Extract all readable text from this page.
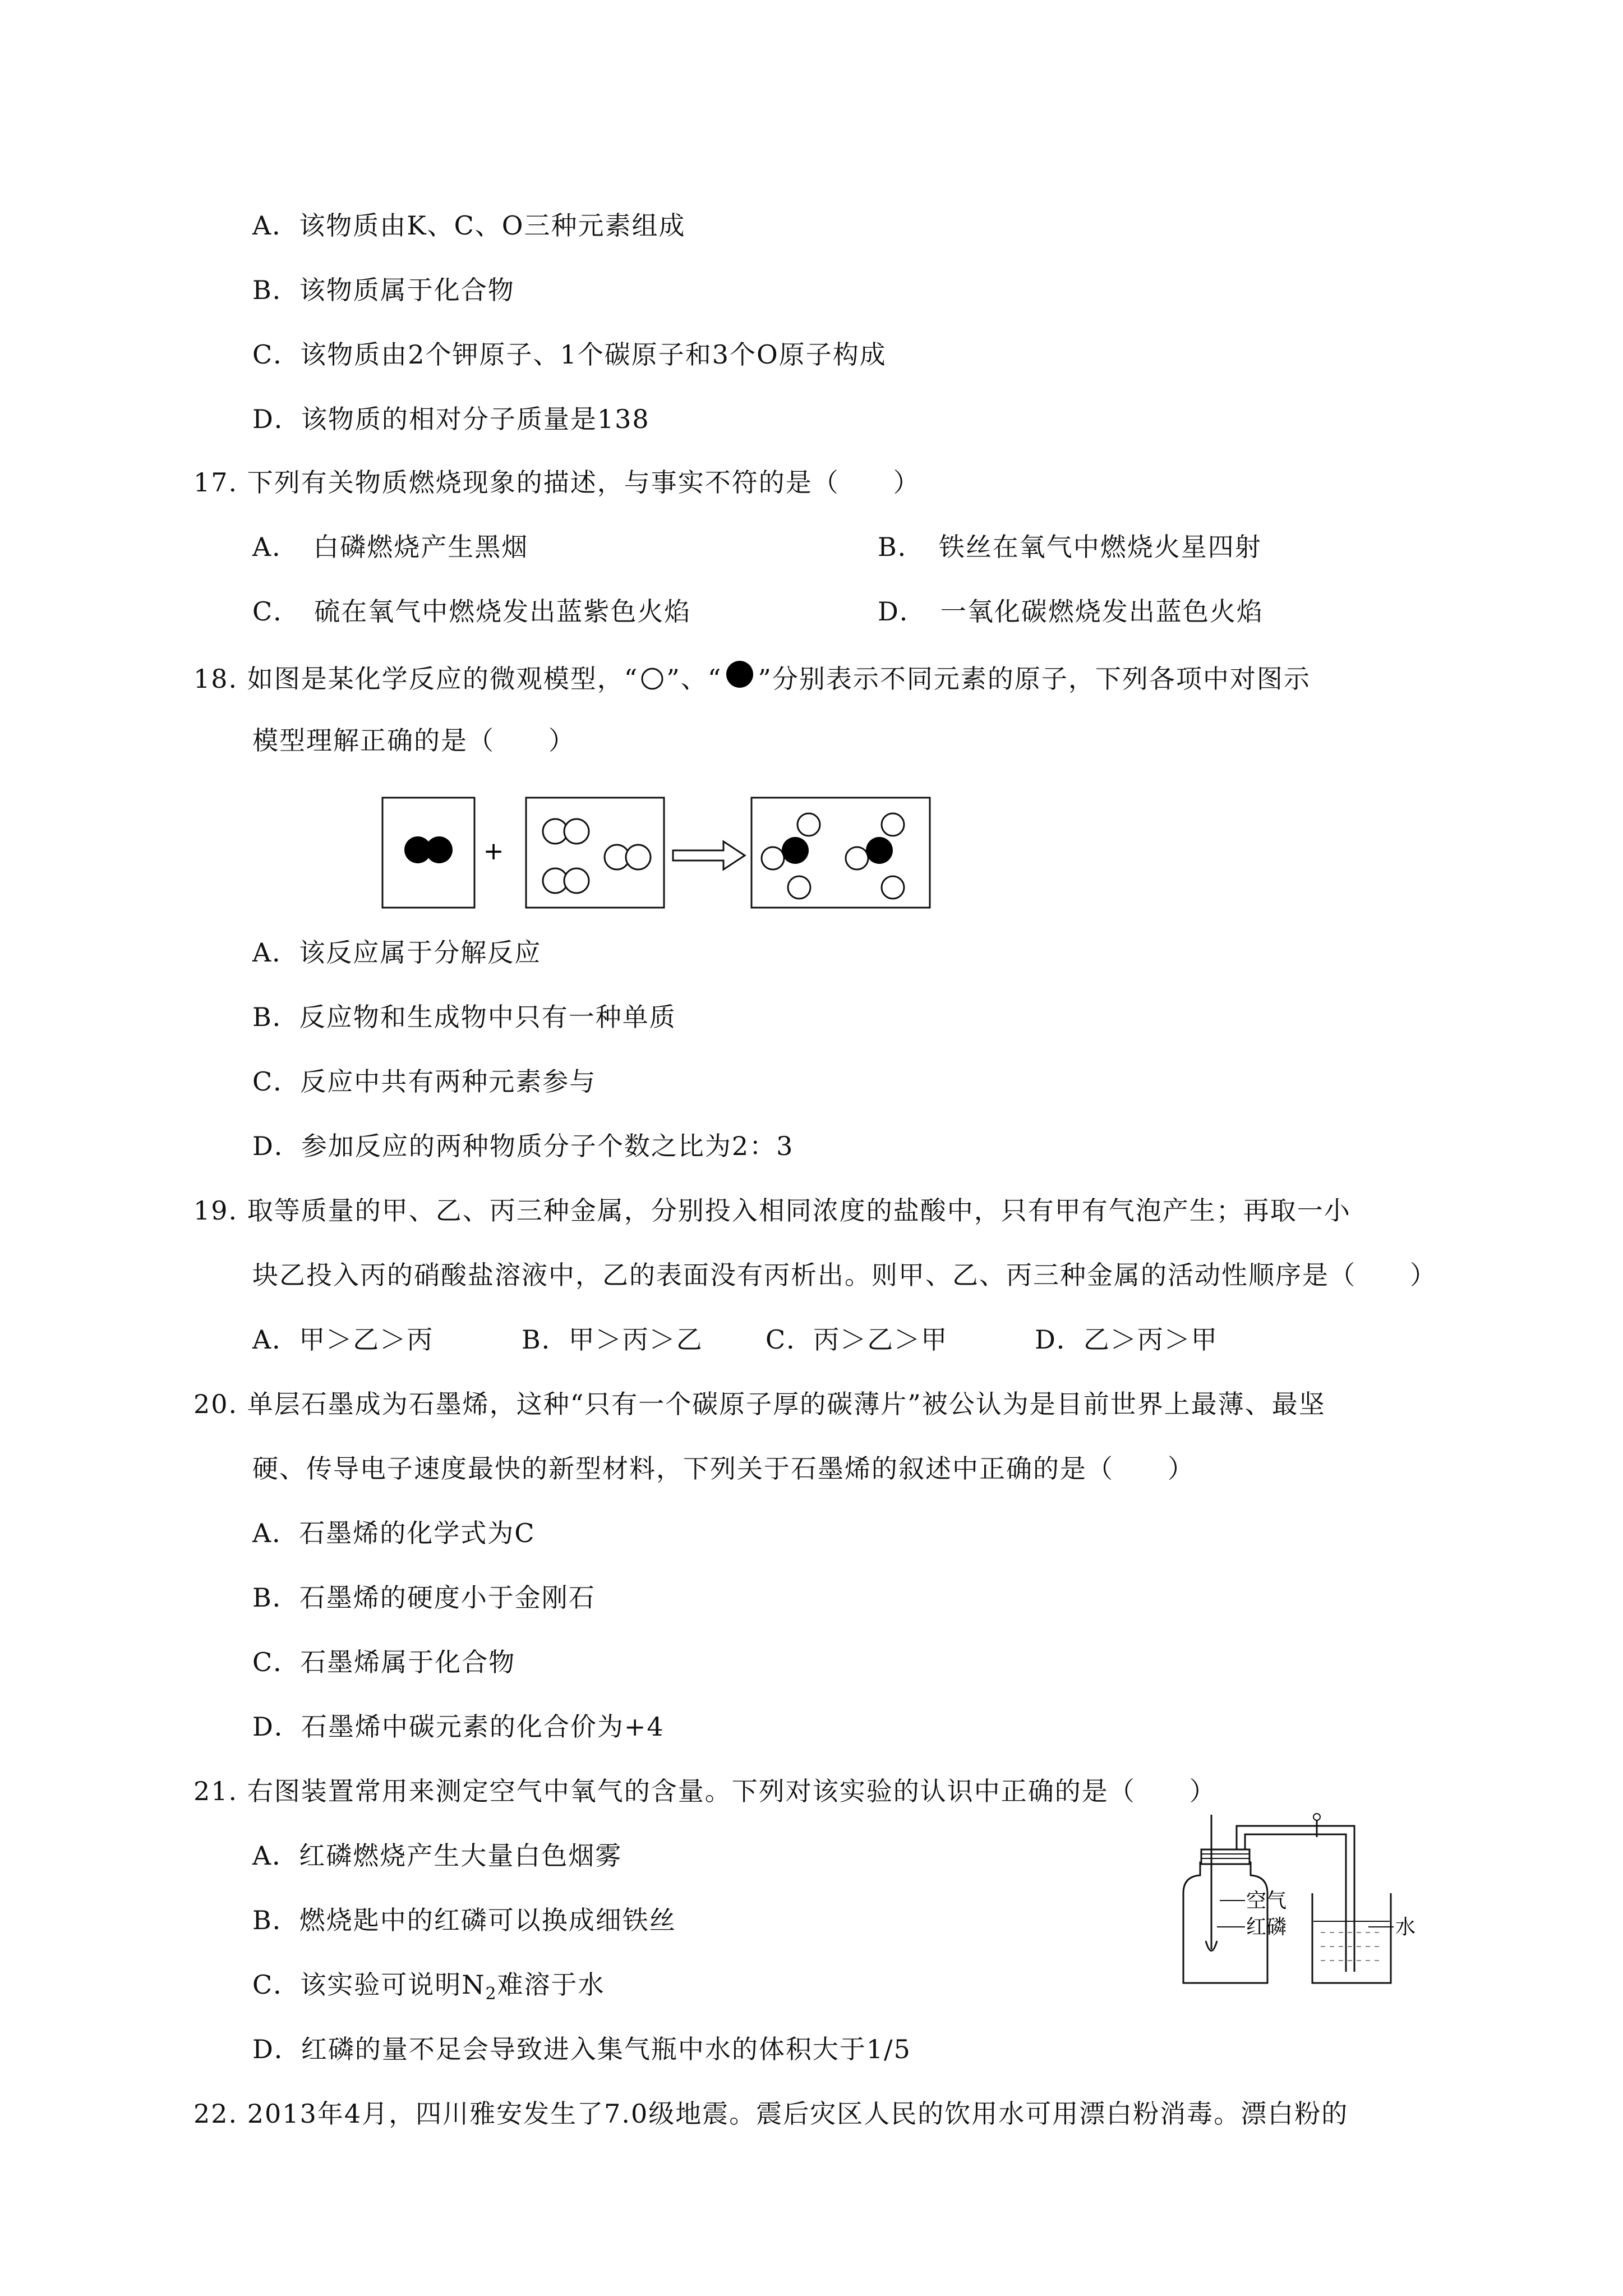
A．该物质由K、C、O三种元素组成
B．该物质属于化合物
C．该物质由2个钾原子、1个碳原子和3个O原子构成
D．该物质的相对分子质量是138
17. 下列有关物质燃烧现象的描述，与事实不符的是（　　）
A．　白磷燃烧产生黑烟	B．　铁丝在氧气中燃烧火星四射
C．　硫在氧气中燃烧发出蓝紫色火焰	D．　一氧化碳燃烧发出蓝色火焰
18. 如图是某化学反应的微观模型，“ ”、“ ”分别表示不同元素的原子，下列各项中对图示
模型理解正确的是（　　）
+
A．该反应属于分解反应
B．反应物和生成物中只有一种单质
C．反应中共有两种元素参与
D．参加反应的两种物质分子个数之比为2：3
19. 取等质量的甲、乙、丙三种金属，分别投入相同浓度的盐酸中，只有甲有气泡产生；再取一小
块乙投入丙的硝酸盐溶液中，乙的表面没有丙析出。则甲、乙、丙三种金属的活动性顺序是（　　）
A．甲＞乙＞丙	B．甲＞丙＞乙 C．丙＞乙＞甲	D．乙＞丙＞甲
20. 单层石墨成为石墨烯，这种“只有一个碳原子厚的碳薄片”被公认为是目前世界上最薄、最坚
硬、传导电子速度最快的新型材料，下列关于石墨烯的叙述中正确的是（　　）
A．石墨烯的化学式为C
B．石墨烯的硬度小于金刚石
C．石墨烯属于化合物
D．石墨烯中碳元素的化合价为+4
21. 右图装置常用来测定空气中氧气的含量。下列对该实验的认识中正确的是（　　）
A．红磷燃烧产生大量白色烟雾
B．燃烧匙中的红磷可以换成细铁丝
C．该实验可说明$N_2$难溶于水
D．红磷的量不足会导致进入集气瓶中水的体积大于1/5
空气
红磷	水
22. 2013年4月，四川雅安发生了7.0级地震。震后灾区人民的饮用水可用漂白粉消毒。漂白粉的
